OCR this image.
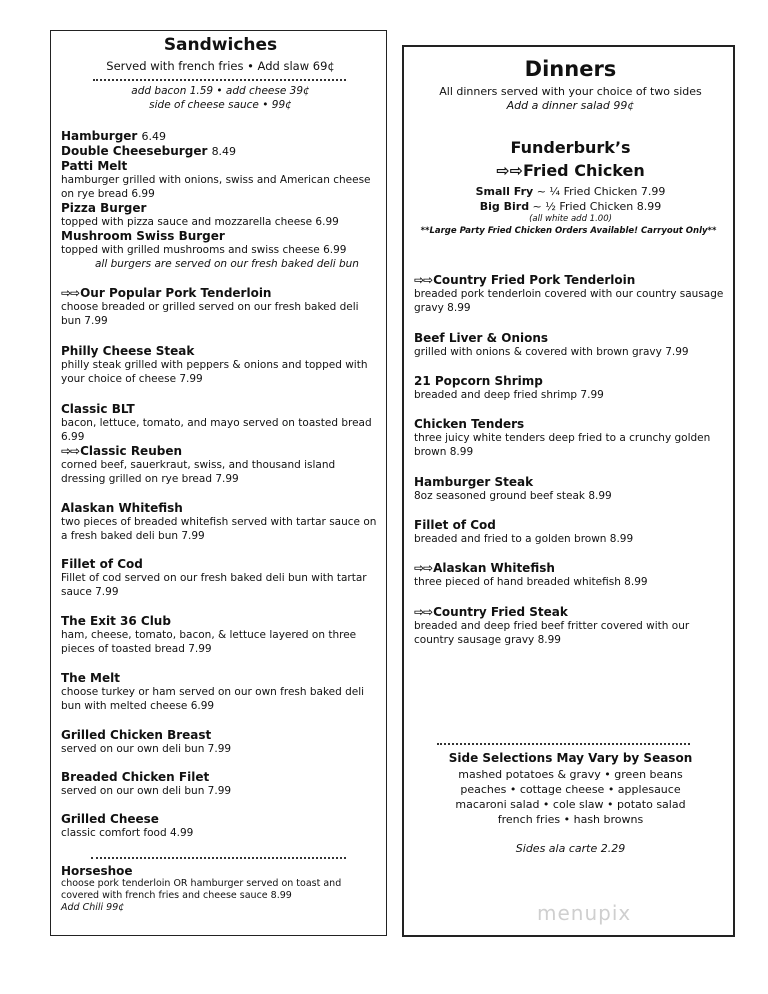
Sandwiches
Served with french fries • Add slaw 69¢
add bacon 1.59 • add cheese 39¢
side of cheese sauce • 99¢
Hamburger 6.49
Double Cheeseburger 8.49
Patti Melt
hamburger grilled with onions, swiss and American cheese on rye bread 6.99
Pizza Burger
topped with pizza sauce and mozzarella cheese 6.99
Mushroom Swiss Burger
topped with grilled mushrooms and swiss cheese 6.99
all burgers are served on our fresh baked deli bun
⇨⇨Our Popular Pork Tenderloin
choose breaded or grilled served on our fresh baked deli bun 7.99
Philly Cheese Steak
philly steak grilled with peppers & onions and topped with your choice of cheese 7.99
Classic BLT
bacon, lettuce, tomato, and mayo served on toasted bread 6.99
⇨⇨Classic Reuben
corned beef, sauerkraut, swiss, and thousand island dressing grilled on rye bread 7.99
Alaskan Whitefish
two pieces of breaded whitefish served with tartar sauce on a fresh baked deli bun 7.99
Fillet of Cod
Fillet of cod served on our fresh baked deli bun with tartar sauce 7.99
The Exit 36 Club
ham, cheese, tomato, bacon, & lettuce layered on three pieces of toasted bread 7.99
The Melt
choose turkey or ham served on our own fresh baked deli bun with melted cheese 6.99
Grilled Chicken Breast
served on our own deli bun 7.99
Breaded Chicken Filet
served on our own deli bun 7.99
Grilled Cheese
classic comfort food 4.99
Horseshoe
choose pork tenderloin OR hamburger served on toast and covered with french fries and cheese sauce 8.99
Add Chili 99¢
Dinners
All dinners served with your choice of two sides
Add a dinner salad 99¢
Funderburk’s
⇨⇨Fried Chicken
Small Fry ~ ¼ Fried Chicken 7.99
Big Bird ~ ½ Fried Chicken 8.99
(all white add 1.00)
**Large Party Fried Chicken Orders Available! Carryout Only**
⇨⇨Country Fried Pork Tenderloin
breaded pork tenderloin covered with our country sausage gravy 8.99
Beef Liver & Onions
grilled with onions & covered with brown gravy 7.99
21 Popcorn Shrimp
breaded and deep fried shrimp 7.99
Chicken Tenders
three juicy white tenders deep fried to a crunchy golden brown 8.99
Hamburger Steak
8oz seasoned ground beef steak 8.99
Fillet of Cod
breaded and fried to a golden brown 8.99
⇨⇨Alaskan Whitefish
three pieced of hand breaded whitefish 8.99
⇨⇨Country Fried Steak
breaded and deep fried beef fritter covered with our country sausage gravy 8.99
Side Selections May Vary by Season
mashed potatoes & gravy • green beans
peaches • cottage cheese • applesauce
macaroni salad • cole slaw • potato salad
french fries • hash browns
Sides ala carte 2.29
menupix
